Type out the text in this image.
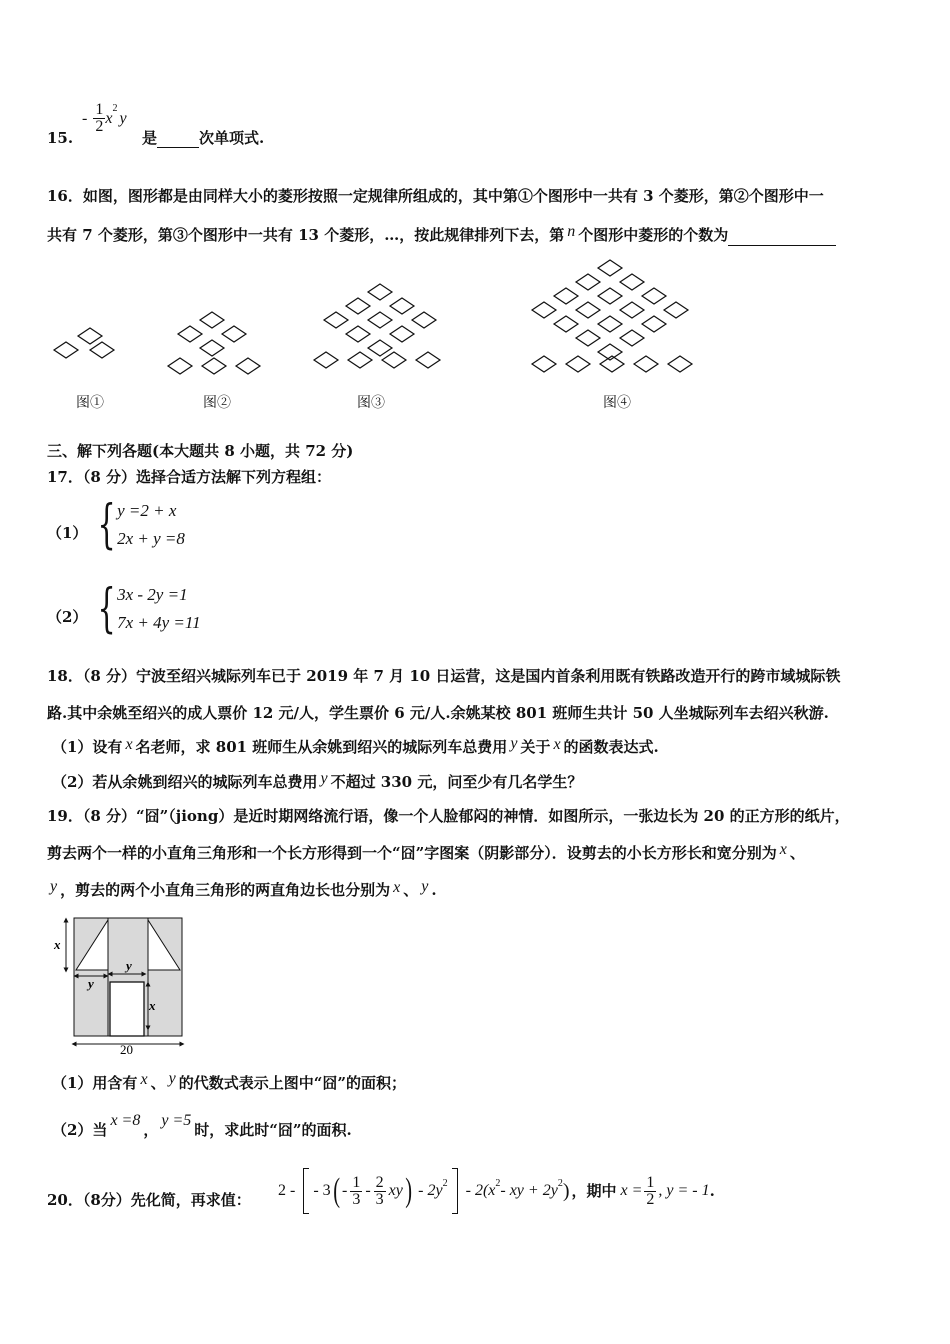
15.
- $\frac{1}{2}$ x
$^2$
y
是	次单项式.
16．如图，图形都是由同样大小的菱形按照一定规律所组成的，其中第①个图形中一共有 3 个菱形，第②个图形中一
共有 7 个菱形，第③个图形中一共有 13 个菱形，…，按此规律排列下去，第 n 个图形中菱形的个数为
图①	图②	图③	图④
三、解下列各题(本大题共 8 小题，共 72 分)
17．（8 分）选择合适方法解下列方程组：
（1） { y =2 + x
2x + y =8
（2） { 3x - 2y =1
7x + 4y =11
18．（8 分）宁波至绍兴城际列车已于 2019 年 7 月 10 日运营，这是国内首条利用既有铁路改造开行的跨市域城际铁
路.其中余姚至绍兴的成人票价 12 元/人，学生票价 6 元/人.余姚某校 801 班师生共计 50 人坐城际列车去绍兴秋游.
（1）设有 x 名老师，求 801 班师生从余姚到绍兴的城际列车总费用 y 关于 x 的函数表达式.
（2）若从余姚到绍兴的城际列车总费用 y 不超过 330 元，问至少有几名学生？
19．（8 分）“囧”（jiong）是近时期网络流行语，像一个人脸郁闷的神情．如图所示，一张边长为 20 的正方形的纸片，
剪去两个一样的小直角三角形和一个长方形得到一个“囧”字图案（阴影部分）．设剪去的小长方形长和宽分别为 x 、
y ，剪去的两个小直角三角形的两直角边长也分别为 x 、 y .
x
y
y
x
20
（1）用含有 x 、 y 的代数式表示上图中“囧”的面积；
（2）当x =8，y =5时，求此时“囧”的面积.
20．（8分）先化简，再求值：
2 - - 3 ( - $\frac{1}{3} - \frac{2}{3}$ xy ) - $2y^2 - 2(x^2$ - xy + $2y^2$ ) ，期中 $x = \frac{1}{2}$ , y = - 1 .
